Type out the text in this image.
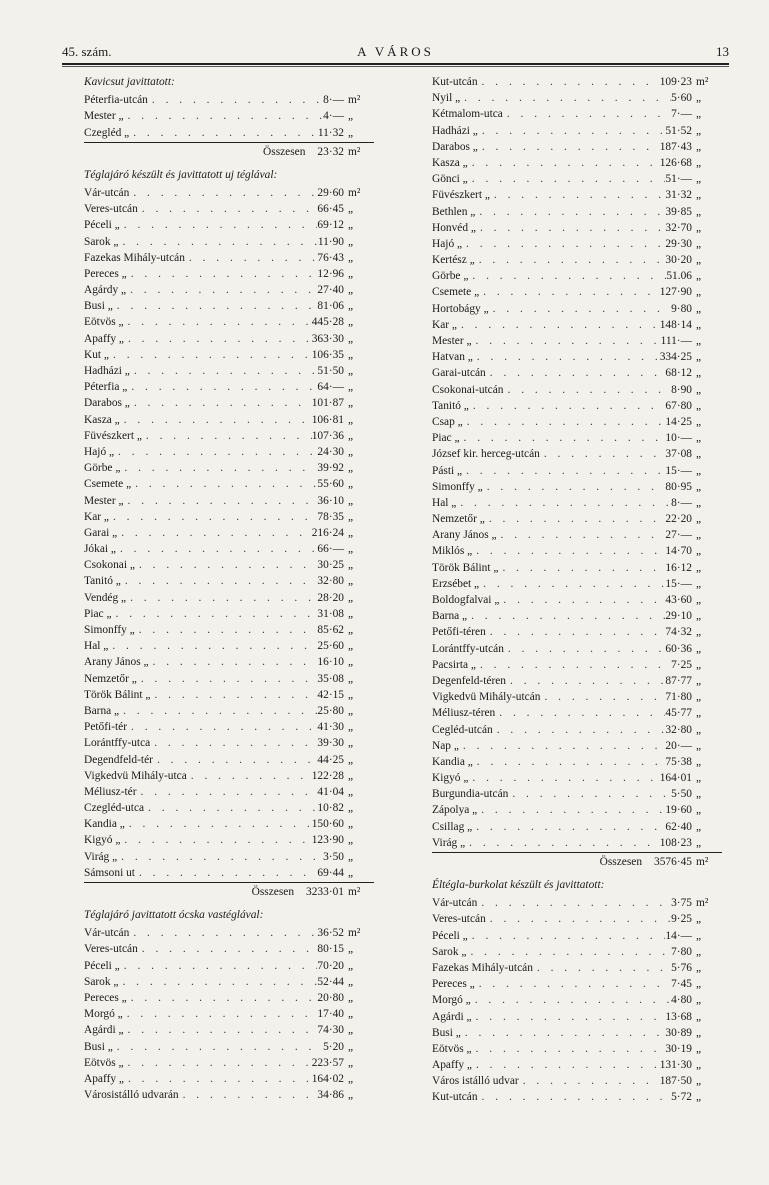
45. szám.	A VÁROS	13
Kavicsut javittatott:
Péterfia-utcán . . .	8·— m²
Mester „ . . .	4·— „
Czegléd „ . . .	11·32 „
Összesen	23·32 m²
Téglajáró készült és javittatott uj téglával:
Vár-utcán . . .	29·60 m²
Veres-utcán . . .	66·45 „
Péceli „ . . .	69·12 „
Sarok „ . . .	11·90 „
Fazekas Mihály-utcán . . .	76·43 „
Pereces „ . . .	12·96 „
Agárdy „ . . .	27·40 „
Busi „ . . .	81·06 „
Eötvös „ . . .	445·28 „
Apaffy „ . . .	363·30 „
Kut „ . . .	106·35 „
Hadházi „ . . .	51·50 „
Péterfia „ . . .	64·— „
Darabos „ . . .	101·87 „
Kasza „ . . .	106·81 „
Füvészkert „ . . .	107·36 „
Hajó „ . . .	24·30 „
Görbe „ . . .	39·92 „
Csemete „ . . .	55·60 „
Mester „ . . .	36·10 „
Kar „ . . .	78·35 „
Garai „ . . .	216·24 „
Jókai „ . . .	66·— „
Csokonai „ . . .	30·25 „
Tanitó „ . . .	32·80 „
Vendég „ . . .	28·20 „
Piac „ . . .	31·08 „
Simonffy „ . . .	85·62 „
Hal „ . . .	25·60 „
Arany János „ . . .	16·10 „
Nemzetőr „ . . .	35·08 „
Török Bálint „ . . .	42·15 „
Barna „ . . .	25·80 „
Petőfi-tér . . .	41·30 „
Lorántffy-utca . . .	39·30 „
Degendfeld-tér . . .	44·25 „
Vigkedvü Mihály-utca . . .	122·28 „
Méliusz-tér . . .	41·04 „
Czegléd-utca . . .	10·82 „
Kandia „ . . .	150·60 „
Kigyó „ . . .	123·90 „
Virág „ . . .	3·50 „
Sámsoni ut . . .	69·44 „
Összesen	3233·01 m²
Téglajáró javittatott ócska vastéglával:
Vár-utcán . . .	36·52 m²
Veres-utcán . . .	80·15 „
Péceli „ . . .	70·20 „
Sarok „ . . .	52·44 „
Pereces „ . . .	20·80 „
Morgó „ . . .	17·40 „
Agárdi „ . . .	74·30 „
Busi „ . . .	5·20 „
Eötvös „ . . .	223·57 „
Apaffy „ . . .	164·02 „
Városistálló udvarán . . .	34·86 „
Kut-utcán . . .	109·23 m²
Nyil „ . . .	5·60 „
Kétmalom-utca . . .	7·— „
Hadházi „ . . .	51·52 „
Darabos „ . . .	187·43 „
Kasza „ . . .	126·68 „
Gönci „ . . .	51·— „
Füvészkert „ . . .	31·32 „
Bethlen „ . . .	39·85 „
Honvéd „ . . .	32·70 „
Hajó „ . . .	29·30 „
Kertész „ . . .	30·20 „
Görbe „ . . .	51.06 „
Csemete „ . . .	127·90 „
Hortobágy „ . . .	9·80 „
Kar „ . . .	148·14 „
Mester „ . . .	111·— „
Hatvan „ . . .	334·25 „
Garai-utcán . . .	68·12 „
Csokonai-utcán . . .	8·90 „
Tanitó „ . . .	67·80 „
Csap „ . . .	14·25 „
Piac „ . . .	10·— „
József kir. herceg-utcán . . .	37·08 „
Pásti „ . . .	15·— „
Simonffy „ . . .	80·95 „
Hal „ . . .	8·— „
Nemzetőr „ . . .	22·20 „
Arany János „ . . .	27·— „
Miklós „ . . .	14·70 „
Török Bálint „ . . .	16·12 „
Erzsébet „ . . .	15·— „
Boldogfalvai „ . . .	43·60 „
Barna „ . . .	29·10 „
Petőfi-téren . . .	74·32 „
Lorántffy-utcán . . .	60·36 „
Pacsirta „ . . .	7·25 „
Degenfeld-téren . . .	87·77 „
Vigkedvü Mihály-utcán . . .	71·80 „
Méliusz-téren . . .	45·77 „
Cegléd-utcán . . .	32·80 „
Nap „ . . .	20·— „
Kandia „ . . .	75·38 „
Kigyó „ . . .	164·01 „
Burgundia-utcán . . .	5·50 „
Zápolya „ . . .	19·60 „
Csillag „ . . .	62·40 „
Virág „ . . .	108·23 „
Összesen	3576·45 m²
Éltégla-burkolat készült és javittatott:
Vár-utcán . . .	3·75 m²
Veres-utcán . . .	9·25 „
Péceli „ . . .	14·— „
Sarok „ . . .	7·80 „
Fazekas Mihály-utcán . . .	5·76 „
Pereces „ . . .	7·45 „
Morgó „ . . .	4·80 „
Agárdi „ . . .	13·68 „
Busi „ . . .	30·89 „
Eötvös „ . . .	30·19 „
Apaffy „ . . .	131·30 „
Város istálló udvar . . .	187·50 „
Kut-utcán . . .	5·72 „
